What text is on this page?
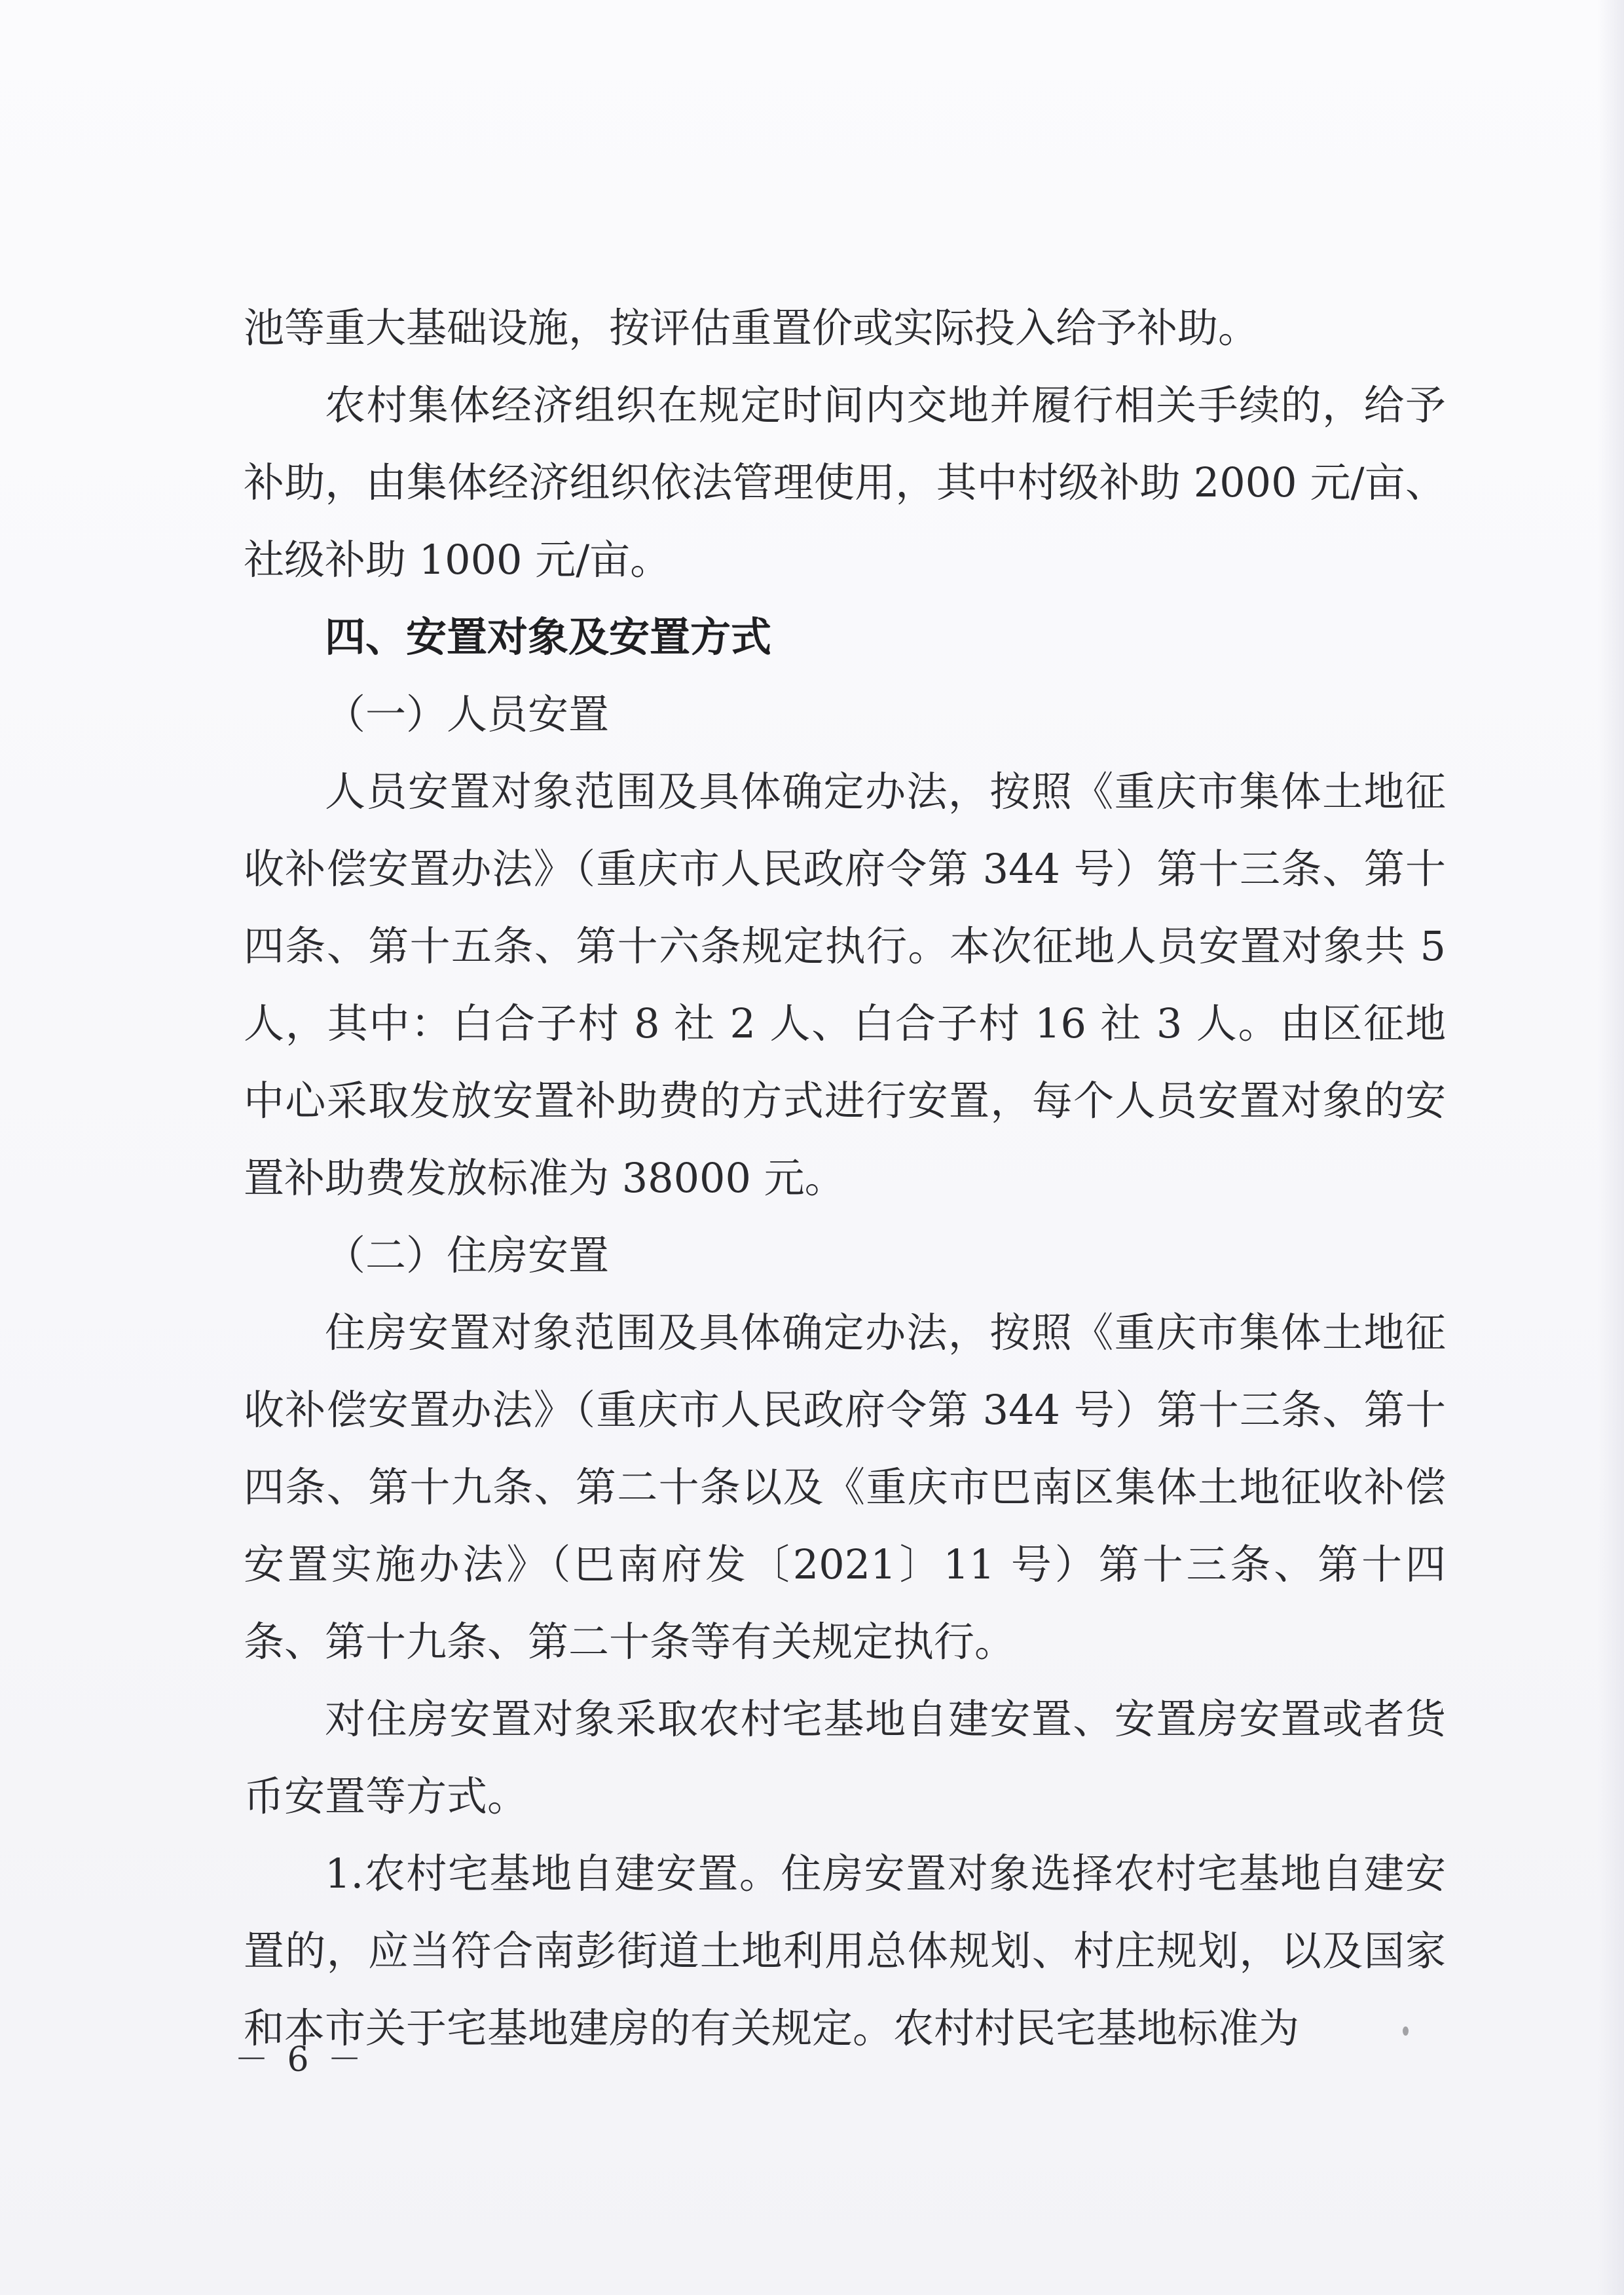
池等重大基础设施，按评估重置价或实际投入给予补助。

农村集体经济组织在规定时间内交地并履行相关手续的，给予补助，由集体经济组织依法管理使用，其中村级补助 2000 元/亩、社级补助 1000 元/亩。

四、安置对象及安置方式

（一）人员安置

人员安置对象范围及具体确定办法，按照《重庆市集体土地征收补偿安置办法》（重庆市人民政府令第 344 号）第十三条、第十四条、第十五条、第十六条规定执行。本次征地人员安置对象共 5 人，其中：白合子村 8 社 2 人、白合子村 16 社 3 人。由区征地中心采取发放安置补助费的方式进行安置，每个人员安置对象的安置补助费发放标准为 38000 元。

（二）住房安置

住房安置对象范围及具体确定办法，按照《重庆市集体土地征收补偿安置办法》（重庆市人民政府令第 344 号）第十三条、第十四条、第十九条、第二十条以及《重庆市巴南区集体土地征收补偿安置实施办法》（巴南府发〔2021〕11 号）第十三条、第十四条、第十九条、第二十条等有关规定执行。

对住房安置对象采取农村宅基地自建安置、安置房安置或者货币安置等方式。

1.农村宅基地自建安置。住房安置对象选择农村宅基地自建安置的，应当符合南彭街道土地利用总体规划、村庄规划，以及国家和本市关于宅基地建房的有关规定。农村村民宅基地标准为

－ 6 －
